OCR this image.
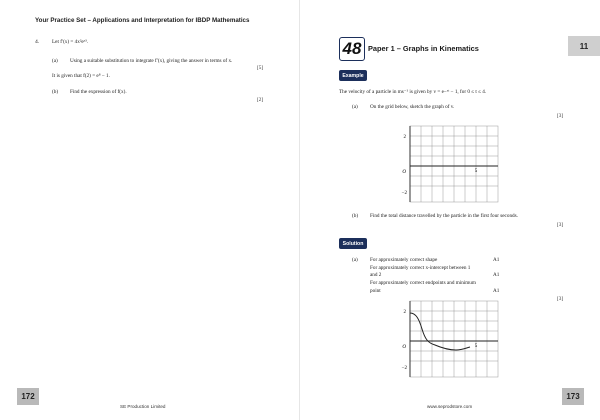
Your Practice Set – Applications and Interpretation for IBDP Mathematics
4. Let f′(x) = 4x²eˣ³.
(a) Using a suitable substitution to integrate f′(x), giving the answer in terms of x.
[5]
It is given that f(2) = e⁸ − 1.
(b) Find the expression of f(x).
[2]
172
SE Production Limited
48 Paper 1 – Graphs in Kinematics	11
Example
The velocity of a particle in ms⁻¹ is given by v = e−ˣᵗ − 1, for 0 ≤ t ≤ 4.
(a) On the grid below, sketch the graph of v.
[3]
2
−2
5
O
(b) Find the total distance travelled by the particle in the first four seconds.
[3]
Solution
(a) For approximately correct shape	A1
For approximately correct x-intercept between 1
and 2	A1
For approximately correct endpoints and minimum
point	A1
[3]
2
−2
5
O
173
www.seprodstore.com
